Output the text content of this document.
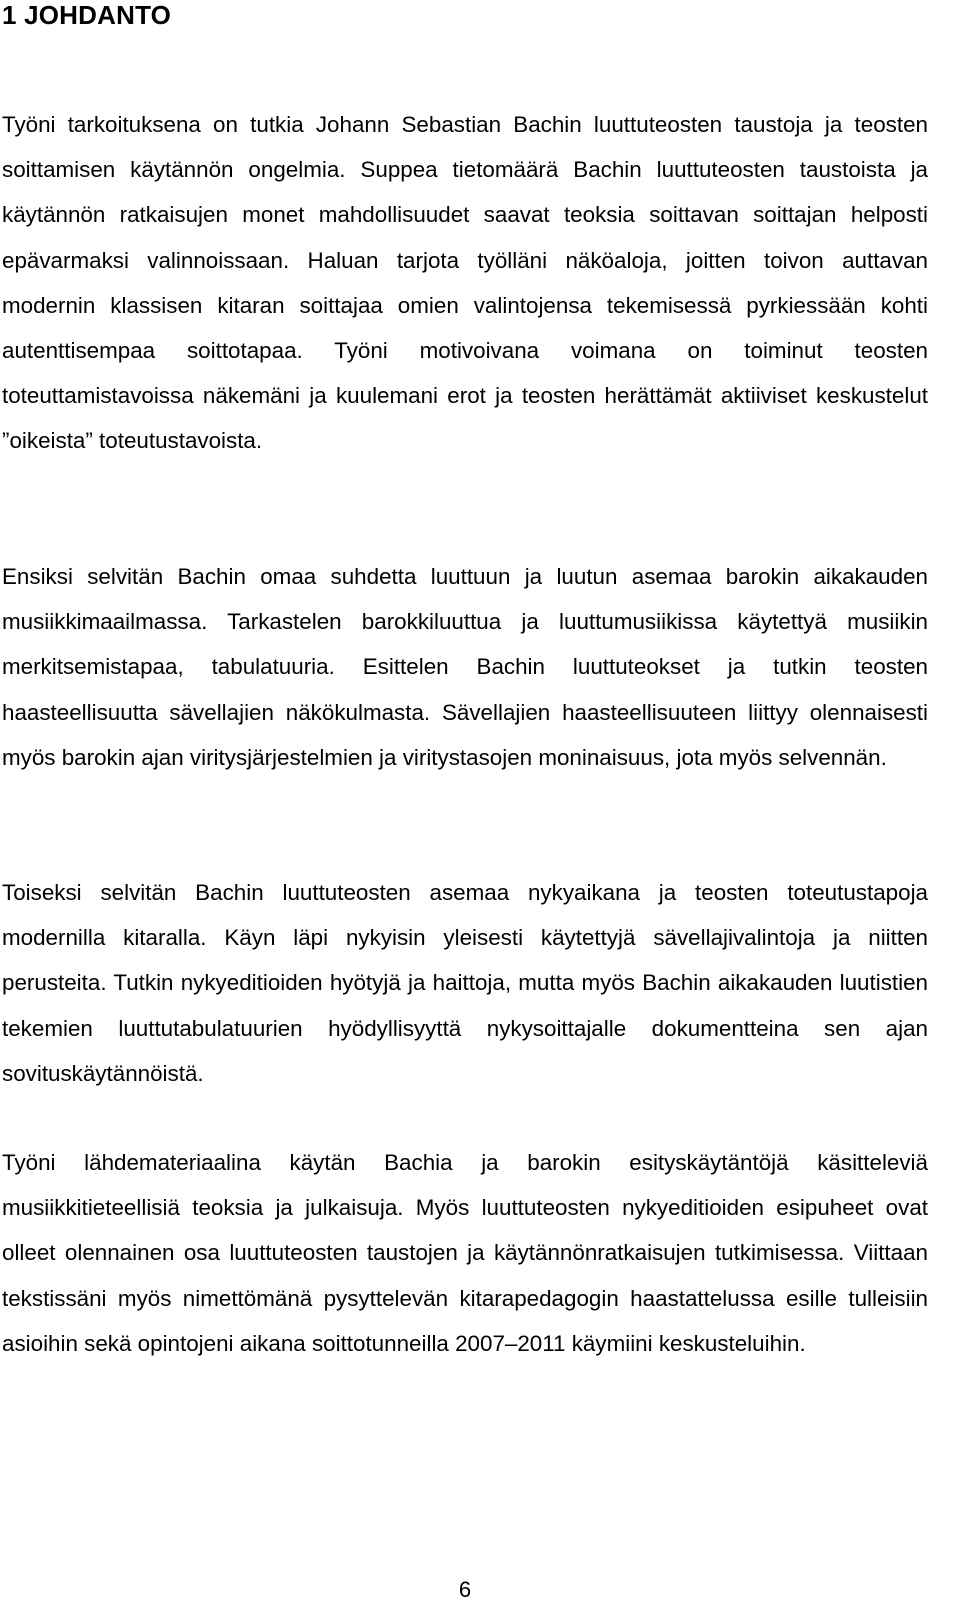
1 JOHDANTO

Työni tarkoituksena on tutkia Johann Sebastian Bachin luuttuteosten taustoja ja teosten soittamisen käytännön ongelmia. Suppea tietomäärä Bachin luuttuteosten taustoista ja käytännön ratkaisujen monet mahdollisuudet saavat teoksia soittavan soittajan helposti epävarmaksi valinnoissaan. Haluan tarjota työlläni näköaloja, joitten toivon auttavan modernin klassisen kitaran soittajaa omien valintojensa tekemisessä pyrkiessään kohti autenttisempaa soittotapaa. Työni motivoivana voimana on toiminut teosten toteuttamistavoissa näkemäni ja kuulemani erot ja teosten herättämät aktiiviset keskustelut ”oikeista” toteutustavoista.

Ensiksi selvitän Bachin omaa suhdetta luuttuun ja luutun asemaa barokin aikakauden musiikkimaailmassa. Tarkastelen barokkiluuttua ja luuttumusiikissa käytettyä musiikin merkitsemistapaa, tabulatuuria. Esittelen Bachin luuttuteokset ja tutkin teosten haasteellisuutta sävellajien näkökulmasta. Sävellajien haasteellisuuteen liittyy olennaisesti myös barokin ajan viritysjärjestelmien ja viritystasojen moninaisuus, jota myös selvennän.

Toiseksi selvitän Bachin luuttuteosten asemaa nykyaikana ja teosten toteutustapoja modernilla kitaralla. Käyn läpi nykyisin yleisesti käytettyjä sävellajivalintoja ja niitten perusteita. Tutkin nykyeditioiden hyötyjä ja haittoja, mutta myös Bachin aikakauden luutistien tekemien luuttutabulatuurien hyödyllisyyttä nykysoittajalle dokumentteina sen ajan sovituskäytännöistä.

Työni lähdemateriaalina käytän Bachia ja barokin esityskäytäntöjä käsitteleviä musiikkitieteellisiä teoksia ja julkaisuja. Myös luuttuteosten nykyeditioiden esipuheet ovat olleet olennainen osa luuttuteosten taustojen ja käytännönratkaisujen tutkimisessa. Viittaan tekstissäni myös nimettömänä pysyttelevän kitarapedagogin haastattelussa esille tulleisiin asioihin sekä opintojeni aikana soittotunneilla 2007–2011 käymiini keskusteluihin.

6
